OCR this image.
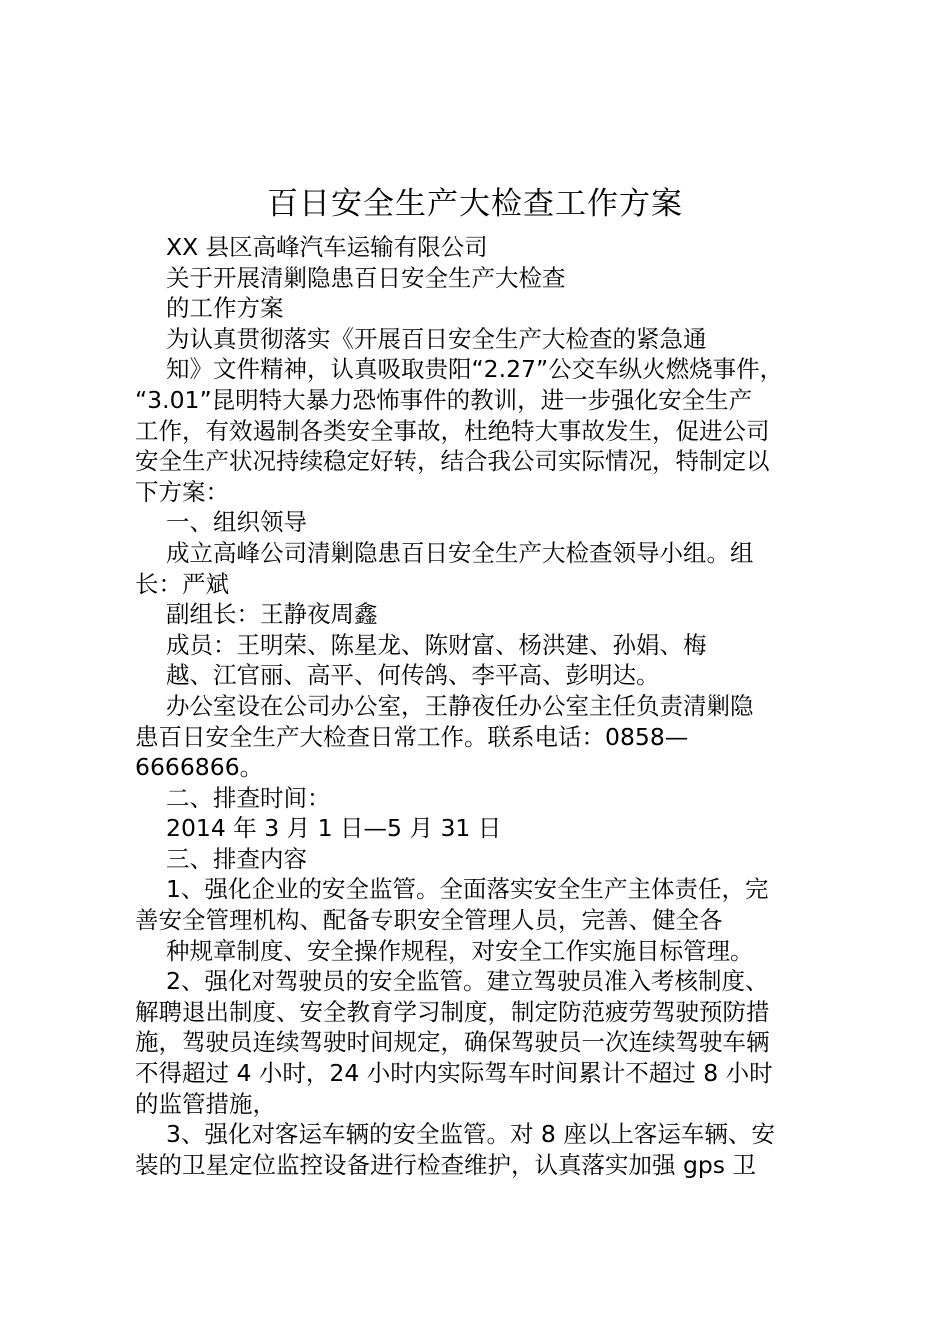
百日安全生产大检查工作方案
XX 县区高峰汽车运输有限公司
关于开展清剿隐患百日安全生产大检查
的工作方案
为认真贯彻落实《开展百日安全生产大检查的紧急通
知》文件精神，认真吸取贵阳“2.27”公交车纵火燃烧事件，
“3.01”昆明特大暴力恐怖事件的教训，进一步强化安全生产
工作，有效遏制各类安全事故，杜绝特大事故发生，促进公司
安全生产状况持续稳定好转，结合我公司实际情况，特制定以
下方案：
一、组织领导
成立高峰公司清剿隐患百日安全生产大检查领导小组。组
长：严斌
副组长：王静夜周鑫
成员：王明荣、陈星龙、陈财富、杨洪建、孙娟、梅
越、江官丽、高平、何传鸽、李平高、彭明达。
办公室设在公司办公室，王静夜任办公室主任负责清剿隐
患百日安全生产大检查日常工作。联系电话：0858—
6666866。
二、排查时间：
2014 年 3 月 1 日—5 月 31 日
三、排查内容
1、强化企业的安全监管。全面落实安全生产主体责任，完
善安全管理机构、配备专职安全管理人员，完善、健全各
种规章制度、安全操作规程，对安全工作实施目标管理。
2、强化对驾驶员的安全监管。建立驾驶员准入考核制度、
解聘退出制度、安全教育学习制度，制定防范疲劳驾驶预防措
施，驾驶员连续驾驶时间规定，确保驾驶员一次连续驾驶车辆
不得超过 4 小时，24 小时内实际驾车时间累计不超过 8 小时
的监管措施，
3、强化对客运车辆的安全监管。对 8 座以上客运车辆、安
装的卫星定位监控设备进行检查维护，认真落实加强 gps 卫
